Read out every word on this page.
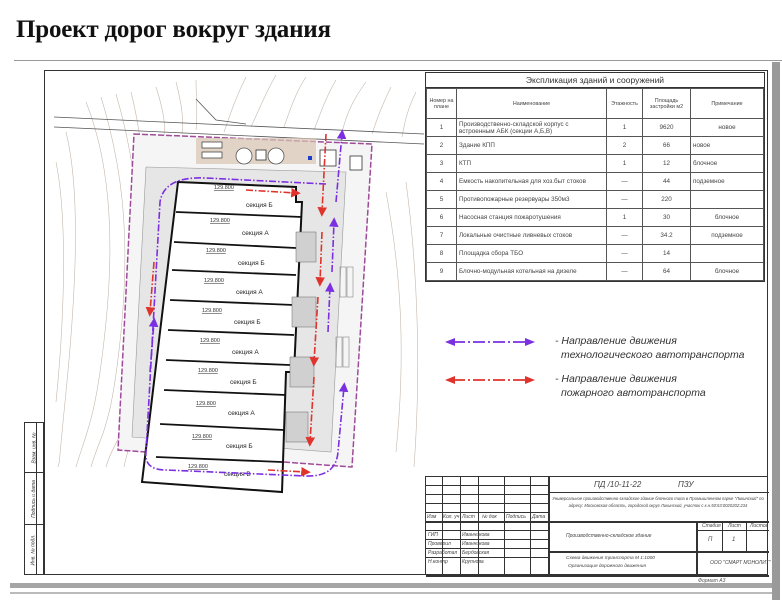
Проект дорог вокруг здания
Взам. инв. №
Подпись и дата
Инв. № подл.
секция Б
секция А
секция Б
секция А
секция Б
секция А
секция Б
секция А
секция Б
секция В
129.800
129.800
129.800
129.800
129.800
129.800
129.800
129.800
129.800
129.800
Экспликация зданий и сооружений
Номер на плане	Наименование	Этажность	Площадь застройки м2	Примечание
1	Производственно-складской корпус с встроенным АБК (секции А,Б,В)	1	9620	новое
2	Здание КПП	2	66	новое
3	КТП	1	12	блочное
4	Емкость накопительная для хоз.быт стоков	—	44	подземное
5	Противопожарные резервуары 350м3	—	220	
6	Насосная станция пожаротушения	1	30	блочное
7	Локальные очистные ливневых стоков	—	34.2	подземное
8	Площадка сбора ТБО	—	14	
9	Блочно-модульная котельная на дизеле	—	64	блочное
- Направление движения
технологического автотранспорта
- Направление движения
пожарного автотранспорта
Изм Кол. уч Лист № док Подпись Дата
ГИП	Иванникова
Проверил Иванникова
Разработал Бердовская
Н.контр	Крупнова
ПД /10-11-22	ПЗУ
Универсальное производственно-складское здание блочного типа в Промышленном парке "Ликинский" по адресу: Московская область, городской округ Ликинский, участок с к.н.50:53:0020202:234
Производственно-складское здание
Стадия Лист Листов
П	1
Схема движения транспорта М 1:1000
Организация дорожного движения
ООО "СМАРТ МОНОЛИТ"
Формат А3
